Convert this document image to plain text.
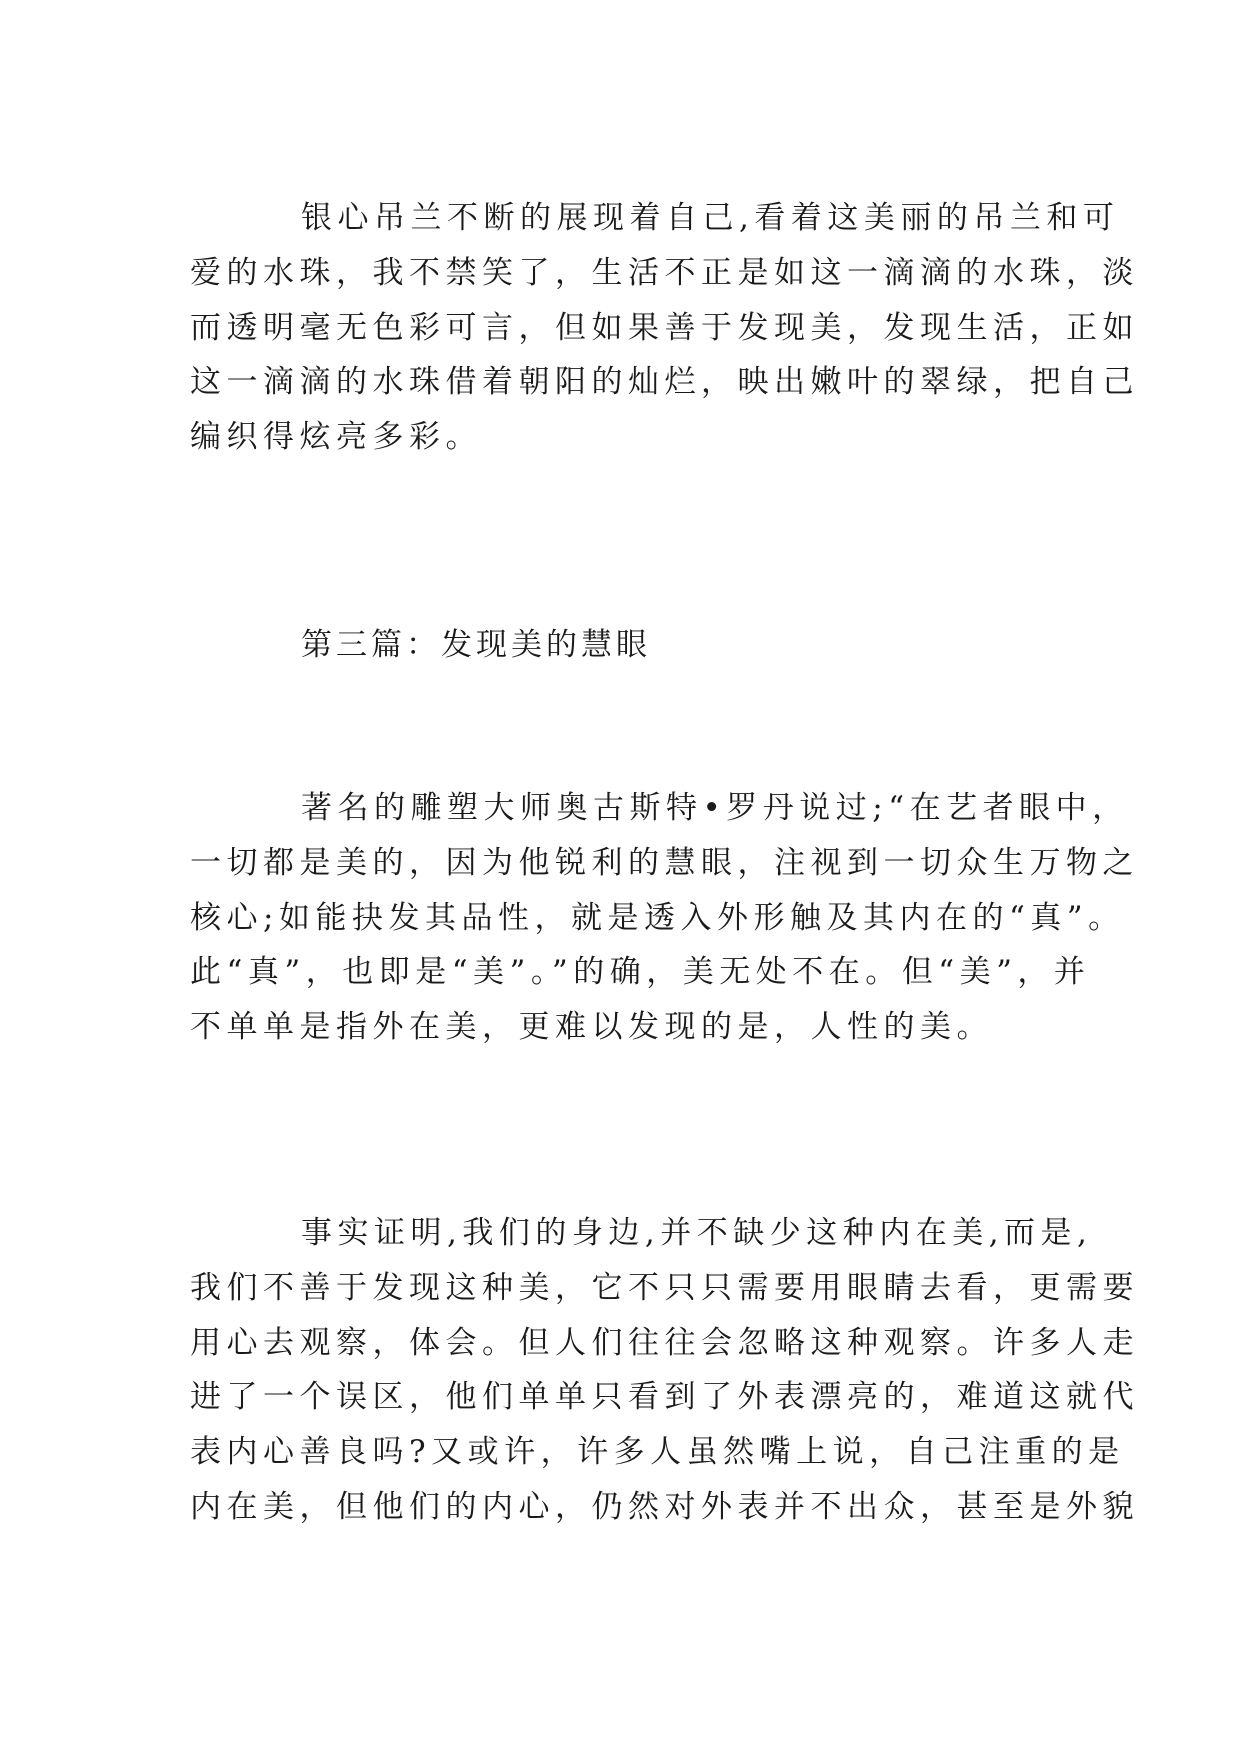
银心吊兰不断的展现着自己,看着这美丽的吊兰和可
爱的水珠，我不禁笑了，生活不正是如这一滴滴的水珠，淡
而透明毫无色彩可言，但如果善于发现美，发现生活，正如
这一滴滴的水珠借着朝阳的灿烂，映出嫩叶的翠绿，把自己
编织得炫亮多彩。
第三篇：发现美的慧眼
著名的雕塑大师奥古斯特•罗丹说过;“在艺者眼中，
一切都是美的，因为他锐利的慧眼，注视到一切众生万物之
核心;如能抉发其品性，就是透入外形触及其内在的“真”。
此“真”，也即是“美”。”的确，美无处不在。但“美”，并
不单单是指外在美，更难以发现的是，人性的美。
事实证明,我们的身边,并不缺少这种内在美,而是,
我们不善于发现这种美，它不只只需要用眼睛去看，更需要
用心去观察，体会。但人们往往会忽略这种观察。许多人走
进了一个误区，他们单单只看到了外表漂亮的，难道这就代
表内心善良吗?又或许，许多人虽然嘴上说，自己注重的是
内在美，但他们的内心，仍然对外表并不出众，甚至是外貌
